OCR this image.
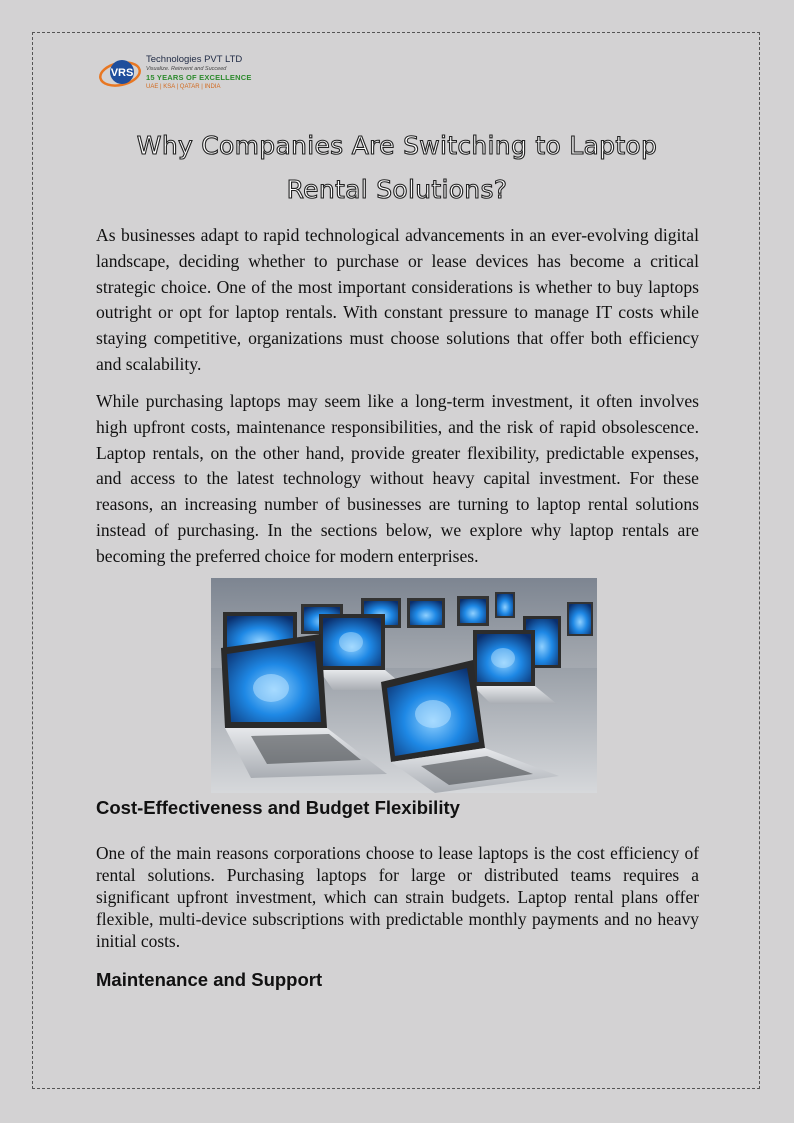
VRS
Technologies PVT LTD
Visualize. Reinvent and Succeed
15 YEARS OF EXCELLENCE
UAE | KSA | QATAR | INDIA
Why Companies Are Switching to Laptop Rental Solutions?

As businesses adapt to rapid technological advancements in an ever-evolving digital landscape, deciding whether to purchase or lease devices has become a critical strategic choice. One of the most important considerations is whether to buy laptops outright or opt for laptop rentals. With constant pressure to manage IT costs while staying competitive, organizations must choose solutions that offer both efficiency and scalability.

While purchasing laptops may seem like a long-term investment, it often involves high upfront costs, maintenance responsibilities, and the risk of rapid obsolescence. Laptop rentals, on the other hand, provide greater flexibility, predictable expenses, and access to the latest technology without heavy capital investment. For these reasons, an increasing number of businesses are turning to laptop rental solutions instead of purchasing. In the sections below, we explore why laptop rentals are becoming the preferred choice for modern enterprises.

Cost-Effectiveness and Budget Flexibility

One of the main reasons corporations choose to lease laptops is the cost efficiency of rental solutions. Purchasing laptops for large or distributed teams requires a significant upfront investment, which can strain budgets. Laptop rental plans offer flexible, multi-device subscriptions with predictable monthly payments and no heavy initial costs.

Maintenance and Support
